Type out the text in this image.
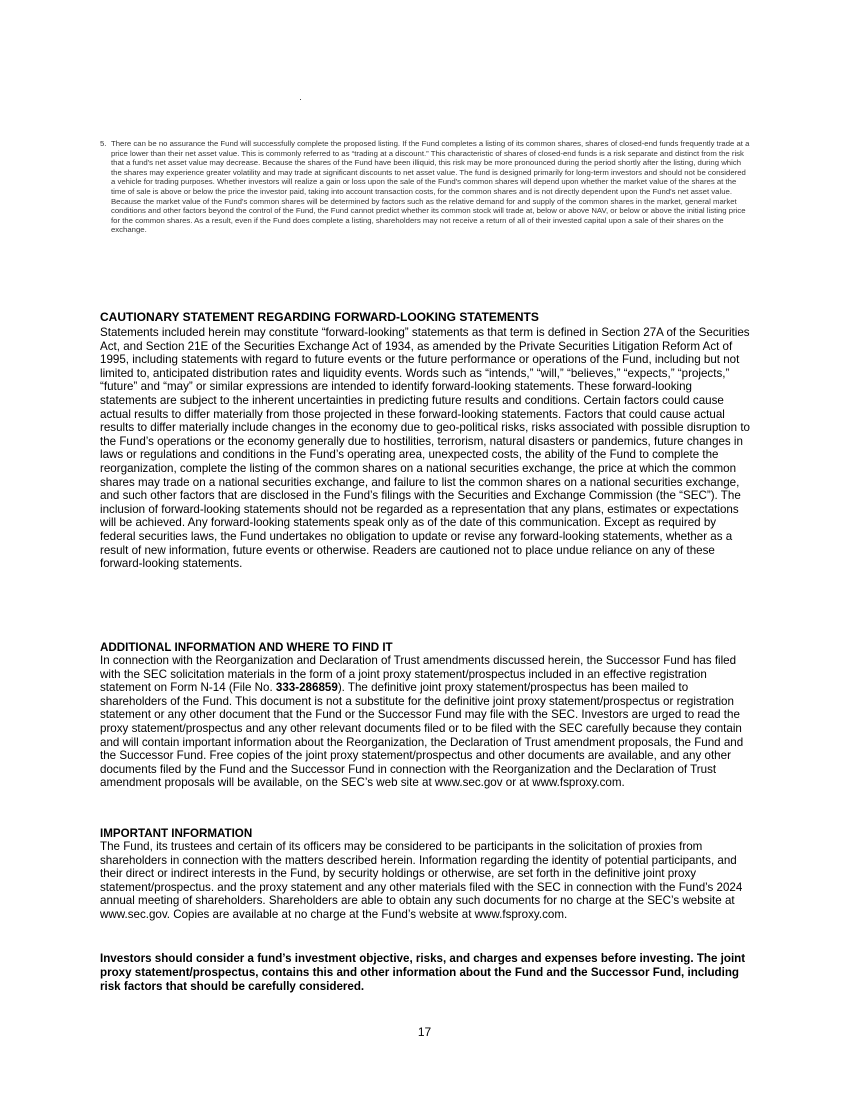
5. There can be no assurance the Fund will successfully complete the proposed listing. If the Fund completes a listing of its common shares, shares of closed-end funds frequently trade at a price lower than their net asset value. This is commonly referred to as “trading at a discount.” This characteristic of shares of closed-end funds is a risk separate and distinct from the risk that a fund's net asset value may decrease. Because the shares of the Fund have been illiquid, this risk may be more pronounced during the period shortly after the listing, during which the shares may experience greater volatility and may trade at significant discounts to net asset value. The fund is designed primarily for long-term investors and should not be considered a vehicle for trading purposes. Whether investors will realize a gain or loss upon the sale of the Fund's common shares will depend upon whether the market value of the shares at the time of sale is above or below the price the investor paid, taking into account transaction costs, for the common shares and is not directly dependent upon the Fund's net asset value. Because the market value of the Fund's common shares will be determined by factors such as the relative demand for and supply of the common shares in the market, general market conditions and other factors beyond the control of the Fund, the Fund cannot predict whether its common stock will trade at, below or above NAV, or below or above the initial listing price for the common shares. As a result, even if the Fund does complete a listing, shareholders may not receive a return of all of their invested capital upon a sale of their shares on the exchange.

CAUTIONARY STATEMENT REGARDING FORWARD-LOOKING STATEMENTS

Statements included herein may constitute “forward-looking” statements as that term is defined in Section 27A of the Securities Act, and Section 21E of the Securities Exchange Act of 1934, as amended by the Private Securities Litigation Reform Act of 1995, including statements with regard to future events or the future performance or operations of the Fund, including but not limited to, anticipated distribution rates and liquidity events. Words such as “intends,” “will,” “believes,” “expects,” “projects,” “future” and “may” or similar expressions are intended to identify forward-looking statements. These forward-looking statements are subject to the inherent uncertainties in predicting future results and conditions. Certain factors could cause actual results to differ materially from those projected in these forward-looking statements. Factors that could cause actual results to differ materially include changes in the economy due to geo-political risks, risks associated with possible disruption to the Fund’s operations or the economy generally due to hostilities, terrorism, natural disasters or pandemics, future changes in laws or regulations and conditions in the Fund’s operating area, unexpected costs, the ability of the Fund to complete the reorganization, complete the listing of the common shares on a national securities exchange, the price at which the common shares may trade on a national securities exchange, and failure to list the common shares on a national securities exchange, and such other factors that are disclosed in the Fund’s filings with the Securities and Exchange Commission (the “SEC”). The inclusion of forward-looking statements should not be regarded as a representation that any plans, estimates or expectations will be achieved. Any forward-looking statements speak only as of the date of this communication. Except as required by federal securities laws, the Fund undertakes no obligation to update or revise any forward-looking statements, whether as a result of new information, future events or otherwise. Readers are cautioned not to place undue reliance on any of these forward-looking statements.

ADDITIONAL INFORMATION AND WHERE TO FIND IT

In connection with the Reorganization and Declaration of Trust amendments discussed herein, the Successor Fund has filed with the SEC solicitation materials in the form of a joint proxy statement/prospectus included in an effective registration statement on Form N-14 (File No. 333-286859). The definitive joint proxy statement/prospectus has been mailed to shareholders of the Fund. This document is not a substitute for the definitive joint proxy statement/prospectus or registration statement or any other document that the Fund or the Successor Fund may file with the SEC. Investors are urged to read the proxy statement/prospectus and any other relevant documents filed or to be filed with the SEC carefully because they contain and will contain important information about the Reorganization, the Declaration of Trust amendment proposals, the Fund and the Successor Fund. Free copies of the joint proxy statement/prospectus and other documents are available, and any other documents filed by the Fund and the Successor Fund in connection with the Reorganization and the Declaration of Trust amendment proposals will be available, on the SEC’s web site at www.sec.gov or at www.fsproxy.com.

IMPORTANT INFORMATION

The Fund, its trustees and certain of its officers may be considered to be participants in the solicitation of proxies from shareholders in connection with the matters described herein. Information regarding the identity of potential participants, and their direct or indirect interests in the Fund, by security holdings or otherwise, are set forth in the definitive joint proxy statement/prospectus. and the proxy statement and any other materials filed with the SEC in connection with the Fund’s 2024 annual meeting of shareholders. Shareholders are able to obtain any such documents for no charge at the SEC’s website at www.sec.gov. Copies are available at no charge at the Fund’s website at www.fsproxy.com.

Investors should consider a fund’s investment objective, risks, and charges and expenses before investing. The joint proxy statement/prospectus, contains this and other information about the Fund and the Successor Fund, including risk factors that should be carefully considered.

17
